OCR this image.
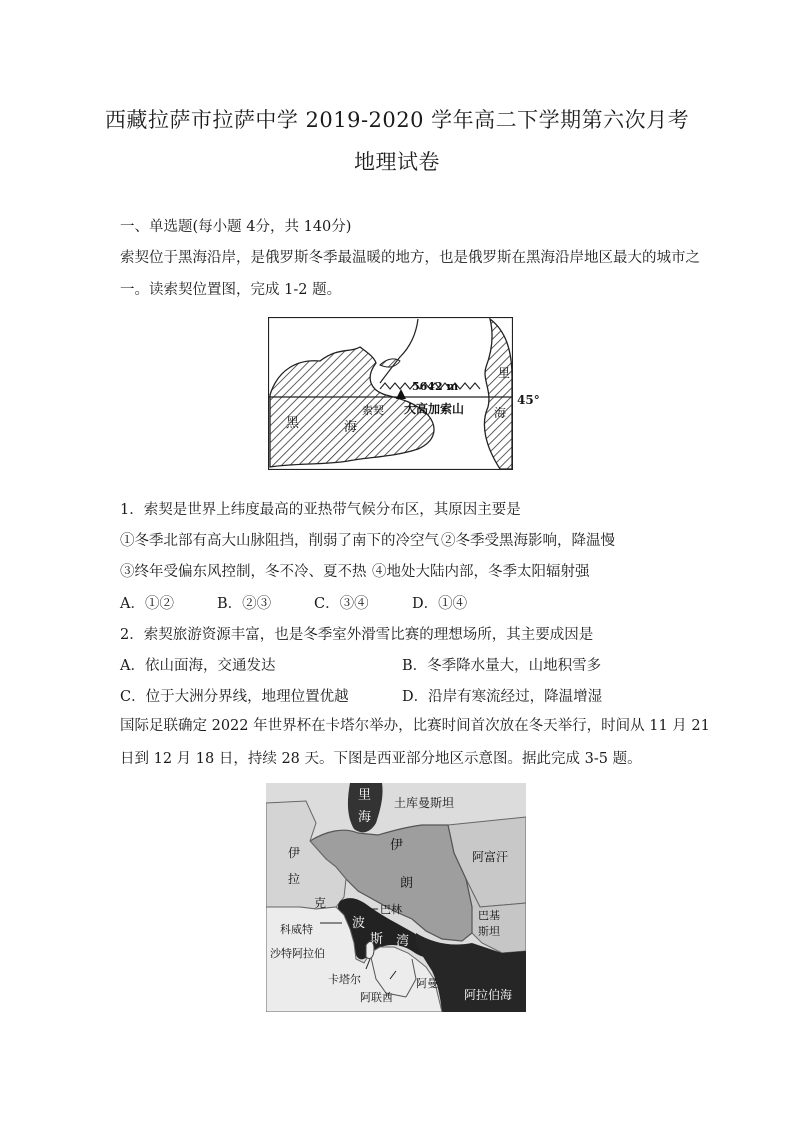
西藏拉萨市拉萨中学 2019-2020 学年高二下学期第六次月考
地理试卷
一、单选题(每小题 4分，共 140分)
索契位于黑海沿岸，是俄罗斯冬季最温暖的地方，也是俄罗斯在黑海沿岸地区最大的城市之
一。读索契位置图，完成 1-2 题。
5642 m
大高加索山
索契
黑	海
里
海
45°
1．索契是世界上纬度最高的亚热带气候分布区，其原因主要是
①冬季北部有高大山脉阻挡，削弱了南下的冷空气 ②冬季受黑海影响，降温慢
③终年受偏东风控制，冬不冷、夏不热 ④地处大陆内部，冬季太阳辐射强
A．①②	B．②③	C．③④	D．①④
2．索契旅游资源丰富，也是冬季室外滑雪比赛的理想场所，其主要成因是
A．依山面海，交通发达	B．冬季降水量大，山地积雪多
C．位于大洲分界线，地理位置优越	D．沿岸有寒流经过，降温增湿
国际足联确定 2022 年世界杯在卡塔尔举办，比赛时间首次放在冬天举行，时间从 11 月 21
日到 12 月 18 日，持续 28 天。下图是西亚部分地区示意图。据此完成 3-5 题。
里
海
土库曼斯坦
伊
朗
阿富汗
伊
拉
克
科威特
巴林	巴基
斯坦
波
斯 湾
沙特阿拉伯
卡塔尔	阿曼
阿联酋	阿拉伯海
